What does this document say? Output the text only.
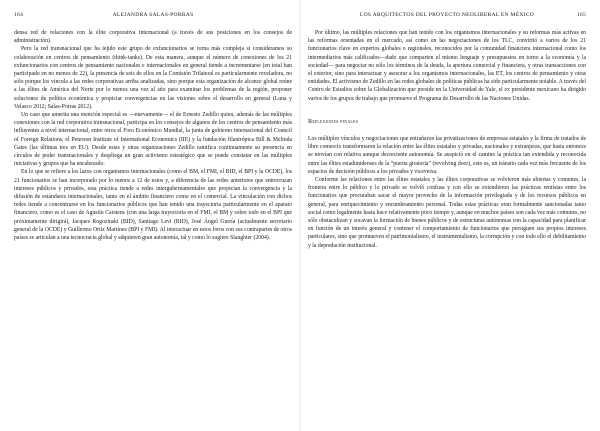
164	ALEJANDRA SALAS-PORRAS

densa red de relaciones con la élite corporativa internacional (a través de sus posiciones en los consejos de administración).

Pero la red transnacional que ha tejido este grupo de exfuncionarios se torna más compleja si consideramos su colaboración en centros de pensamiento (think-tanks). De esta manera, aunque el número de conexiones de los 21 exfuncionarios con centros de pensamiento nacionales e internacionales en general tiende a incrementarse (en total han participado en no menos de 22), la presencia de seis de ellos en la Comisión Trilateral es particularmente reveladora, no sólo porque los vincula a las redes corporativas arriba analizadas, sino porque esta organización de alcance global reúne a las élites de América del Norte por lo menos una vez al año para examinar los problemas de la región, proponer soluciones de política económica y propiciar convergencias en las visiones sobre el desarrollo en general (Luna y Velasco 2012; Salas-Porras 2012).

Un caso que amerita una mención especial es —nuevamente— el de Ernesto Zedillo quien, además de las múltiples conexiones con la red corporativa transnacional, participa en los consejos de algunos de los centros de pensamiento más influyentes a nivel internacional, entre otros el Foro Económico Mundial, la junta de gobierno internacional del Council of Foreign Relations, el Peterson Institute of International Economics (IIE) y la fundación filantrópica Bill & Melinda Gates (las últimas tres en EU). Desde estas y otras organizaciones Zedillo ramifica continuamente su presencia en círculos de poder transnacionales y despliega un gran activismo estratégico que se puede constatar en las múltiples iniciativas y grupos que ha encabezado.

En lo que se refiere a los lazos con organismos internacionales (como el BM, el FMI, el BID, el BPI y la OCDE), los 21 funcionarios se han incorporado por lo menos a 12 de estos y, a diferencia de las redes anteriores que entrecruzan intereses públicos y privados, esta práctica tiende a redes intergubernamentales que propician la convergencia y la difusión de estándares internacionales, tanto en el ámbito financiero como en el comercial. La vinculación con dichos redes tiende a concentrarse en los funcionarios públicos que han tenido una trayectoria particularmente en el aparato financiero, como es el caso de Agustín Carstens (con una larga trayectoria en el FMI, el BM y sobre todo en el BPI que próximamente dirigirá), Jacques Rogozinski (BID), Santiago Levi (BID), José Ángel Gurría (actualmente secretario general de la OCDE) y Guillermo Ortiz Martínez (BPI y FMI). Al interactuar en estos foros con sus contrapartes de otros países se articulan a una tecnocracia global y adquieren gran autonomía, tal y como lo sugiere Slaughter (2004).

LOS ARQUITECTOS DEL PROYECTO NEOLIBERAL EN MÉXICO	165

Por último, las múltiples relaciones que han tenido con los organismos internacionales y su reformas más activas en las reformas orientadas en el mercado, así como en las negociaciones de los TLC, convirtió a varios de los 21 funcionarios clave en expertos globales o regionales, reconocidos por la comunidad financiera internacional como los intermediarios más calificados—dado que comparten el mismo lenguaje y presupuestos en torno a la economía y la sociedad— para negociar no sólo los términos de la deuda, la apertura comercial y financiera, y otras transacciones con el exterior, sino para interactuar y asesorar a los organismos internacionales, las ET, los centros de pensamiento y otras entidades. El activismo de Zedillo en las redes globales de políticas públicas ha sido particularmente notable. A través del Centro de Estudios sobre la Globalización que preside en la Universidad de Yale, el ex presidente mexicano ha dirigido varios de los grupos de trabajo que promueve el Programa de Desarrollo de las Naciones Unidas.

Reflexiones finales

Los múltiples vínculos y negociaciones que entrañaron las privatizaciones de empresas estatales y la firma de tratados de libre comercio transformaron la relación entre las élites estatales y privadas, nacionales y extranjeras, que hasta entonces se movían con relativa aunque decreciente autonomía. Se auspició en el camino la práctica tan extendida y reconocida entre las élites estadunidenses de la “puerta giratoria” (revolving door), esto es, un tránsito cada vez más frecuente de los espacios de decisión públicos a los privados y viceversa.

Conforme las relaciones entre las élites estatales y las élites corporativas se volvieron más abiertas y comunes, la frontera entre lo público y lo privado se volvió confusa y con ello se extendieron las prácticas rentistas entre los funcionarios que procuraban sacar el mayor provecho de la información privilegiada y de los recursos públicos en general, para enriquecimiento y encumbramiento personal. Todas estas prácticas eran formalmente sancionadas tanto social como legalmente hasta hace relativamente poco tiempo y, aunque en muchos países son cada vez más comunes, no sólo obstaculizan y socavan la formación de bienes públicos y de estructuras autónomas con la capacidad para planificar en función de un interés general y contener el comportamiento de funcionarios que persiguen sus propios intereses particulares, sino que promueven el patrimonialismo, el instrumentalismo, la corrupción y con todo ello el debilitamiento y la depredación institucional.
